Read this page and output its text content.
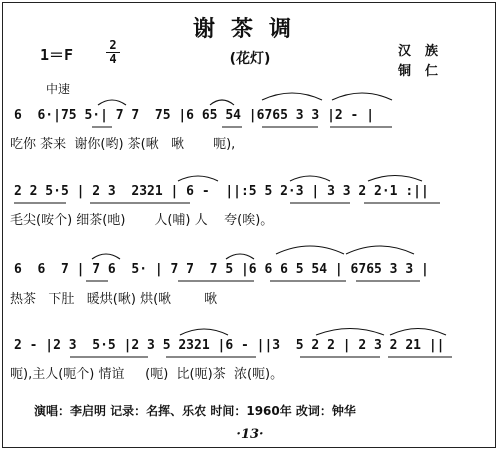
谢茶调
(花灯)
1＝F
2
4	汉族
铜仁
中速
6  6·|75 5·| 7 7  75 |6 65 54 |6765 3 3 |2 - |
吃你 茶来  谢你(哟) 茶(啾   啾       呃),
2 2 5·5 | 2 3  2321 | 6 -  ||:5 5 2·3 | 3 3 2 2·1 :||
毛尖(咹个) 细茶(吔)       人(哺) 人    夸(唉)。
6  6  7 | 7 6  5· | 7 7  7 5 |6 6 6 5 54 | 6765 3 3 |
热茶   下肚   暖烘(啾) 烘(啾        啾
2 - |2 3  5·5 |2 3 5 2321 |6 - ||3  5 2 2 | 2 3 2 21 ||
呃),主人(呃个) 情谊     (呃)  比(呃)茶  浓(呃)。
演唱：李启明 记录：名挥、乐农 时间：1960年 改词：钟华
·13·
